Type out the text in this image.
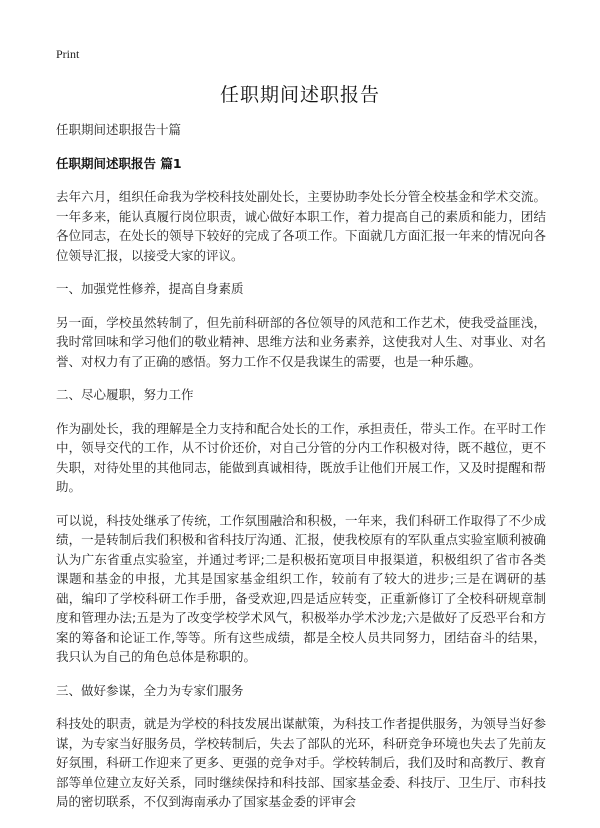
Print
任职期间述职报告

任职期间述职报告十篇

任职期间述职报告 篇1

去年六月，组织任命我为学校科技处副处长，主要协助李处长分管全校基金和学术交流。一年多来，能认真履行岗位职责，诚心做好本职工作，着力提高自己的素质和能力，团结各位同志，在处长的领导下较好的完成了各项工作。下面就几方面汇报一年来的情况向各位领导汇报，以接受大家的评议。

一、加强党性修养，提高自身素质

另一面，学校虽然转制了，但先前科研部的各位领导的风范和工作艺术，使我受益匪浅，我时常回味和学习他们的敬业精神、思维方法和业务素养，这使我对人生、对事业、对名誉、对权力有了正确的感悟。努力工作不仅是我谋生的需要，也是一种乐趣。

二、尽心履职，努力工作

作为副处长，我的理解是全力支持和配合处长的工作，承担责任，带头工作。在平时工作中，领导交代的工作，从不讨价还价，对自己分管的分内工作积极对待，既不越位，更不失职，对待处里的其他同志，能做到真诚相待，既放手让他们开展工作，又及时提醒和帮助。

可以说，科技处继承了传统，工作氛围融洽和积极，一年来，我们科研工作取得了不少成绩，一是转制后我们积极和省科技厅沟通、汇报，使我校原有的军队重点实验室顺利被确认为广东省重点实验室，并通过考评;二是积极拓宽项目申报渠道，积极组织了省市各类课题和基金的申报，尤其是国家基金组织工作，较前有了较大的进步;三是在调研的基础，编印了学校科研工作手册，备受欢迎,四是适应转变，正重新修订了全校科研规章制度和管理办法;五是为了改变学校学术风气，积极举办学术沙龙;六是做好了反恐平台和方案的筹备和论证工作,等等。所有这些成绩，都是全校人员共同努力，团结奋斗的结果，我只认为自己的角色总体是称职的。

三、做好参谋，全力为专家们服务

科技处的职责，就是为学校的科技发展出谋献策，为科技工作者提供服务，为领导当好参谋，为专家当好服务员，学校转制后，失去了部队的光环，科研竞争环境也失去了先前友好氛围，科研工作迎来了更多、更强的竞争对手。学校转制后，我们及时和高教厅、教育部等单位建立友好关系，同时继续保持和科技部、国家基金委、科技厅、卫生厅、市科技局的密切联系，不仅到海南承办了国家基金委的评审会
